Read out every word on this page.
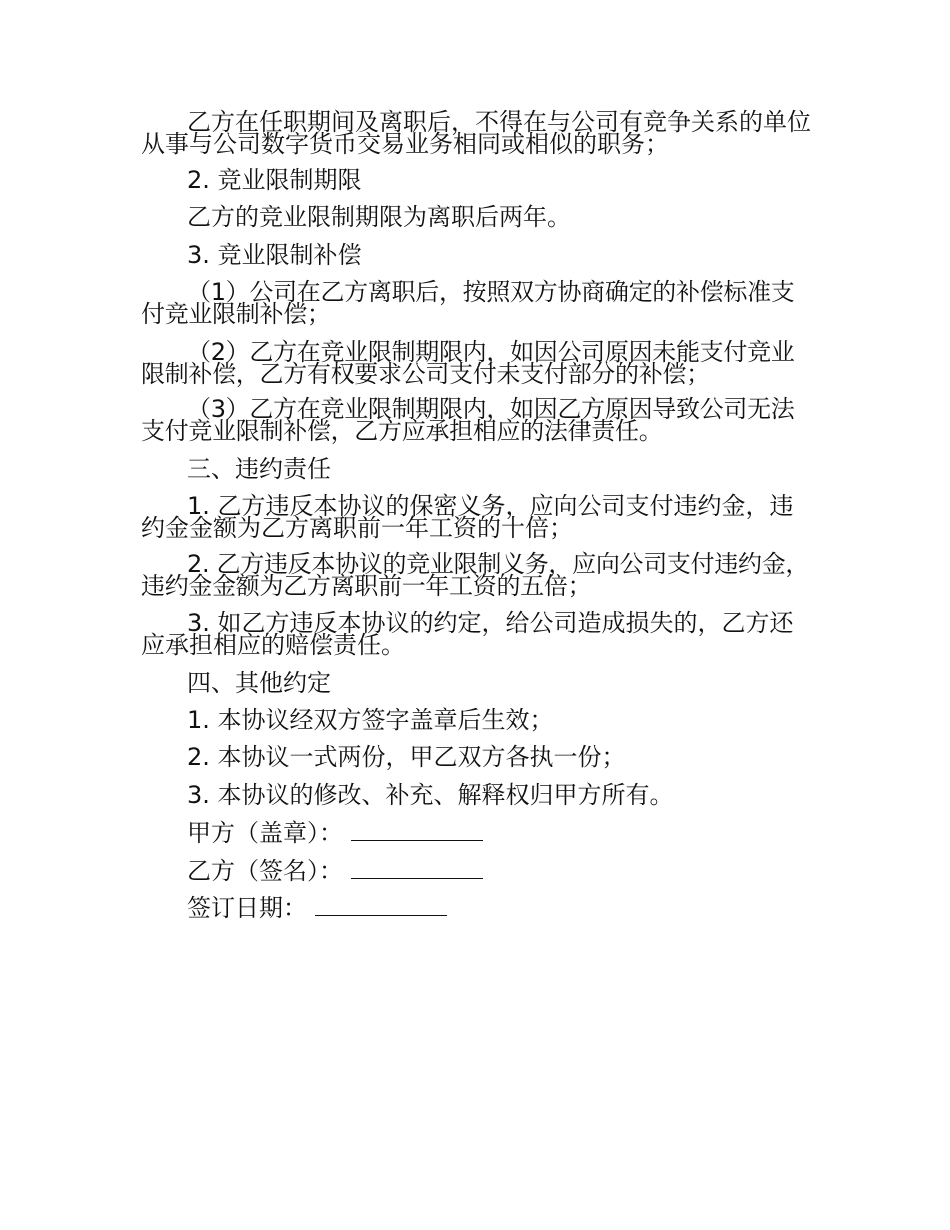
乙方在任职期间及离职后，不得在与公司有竞争关系的单位从事与公司数字货币交易业务相同或相似的职务；
2. 竞业限制期限
乙方的竞业限制期限为离职后两年。
3. 竞业限制补偿
（1）公司在乙方离职后，按照双方协商确定的补偿标准支付竞业限制补偿；
（2）乙方在竞业限制期限内，如因公司原因未能支付竞业限制补偿，乙方有权要求公司支付未支付部分的补偿；
（3）乙方在竞业限制期限内，如因乙方原因导致公司无法支付竞业限制补偿，乙方应承担相应的法律责任。
三、违约责任
1. 乙方违反本协议的保密义务，应向公司支付违约金，违约金金额为乙方离职前一年工资的十倍；
2. 乙方违反本协议的竞业限制义务，应向公司支付违约金，违约金金额为乙方离职前一年工资的五倍；
3. 如乙方违反本协议的约定，给公司造成损失的，乙方还应承担相应的赔偿责任。
四、其他约定
1. 本协议经双方签字盖章后生效；
2. 本协议一式两份，甲乙双方各执一份；
3. 本协议的修改、补充、解释权归甲方所有。
甲方（盖章）：
乙方（签名）：
签订日期：
